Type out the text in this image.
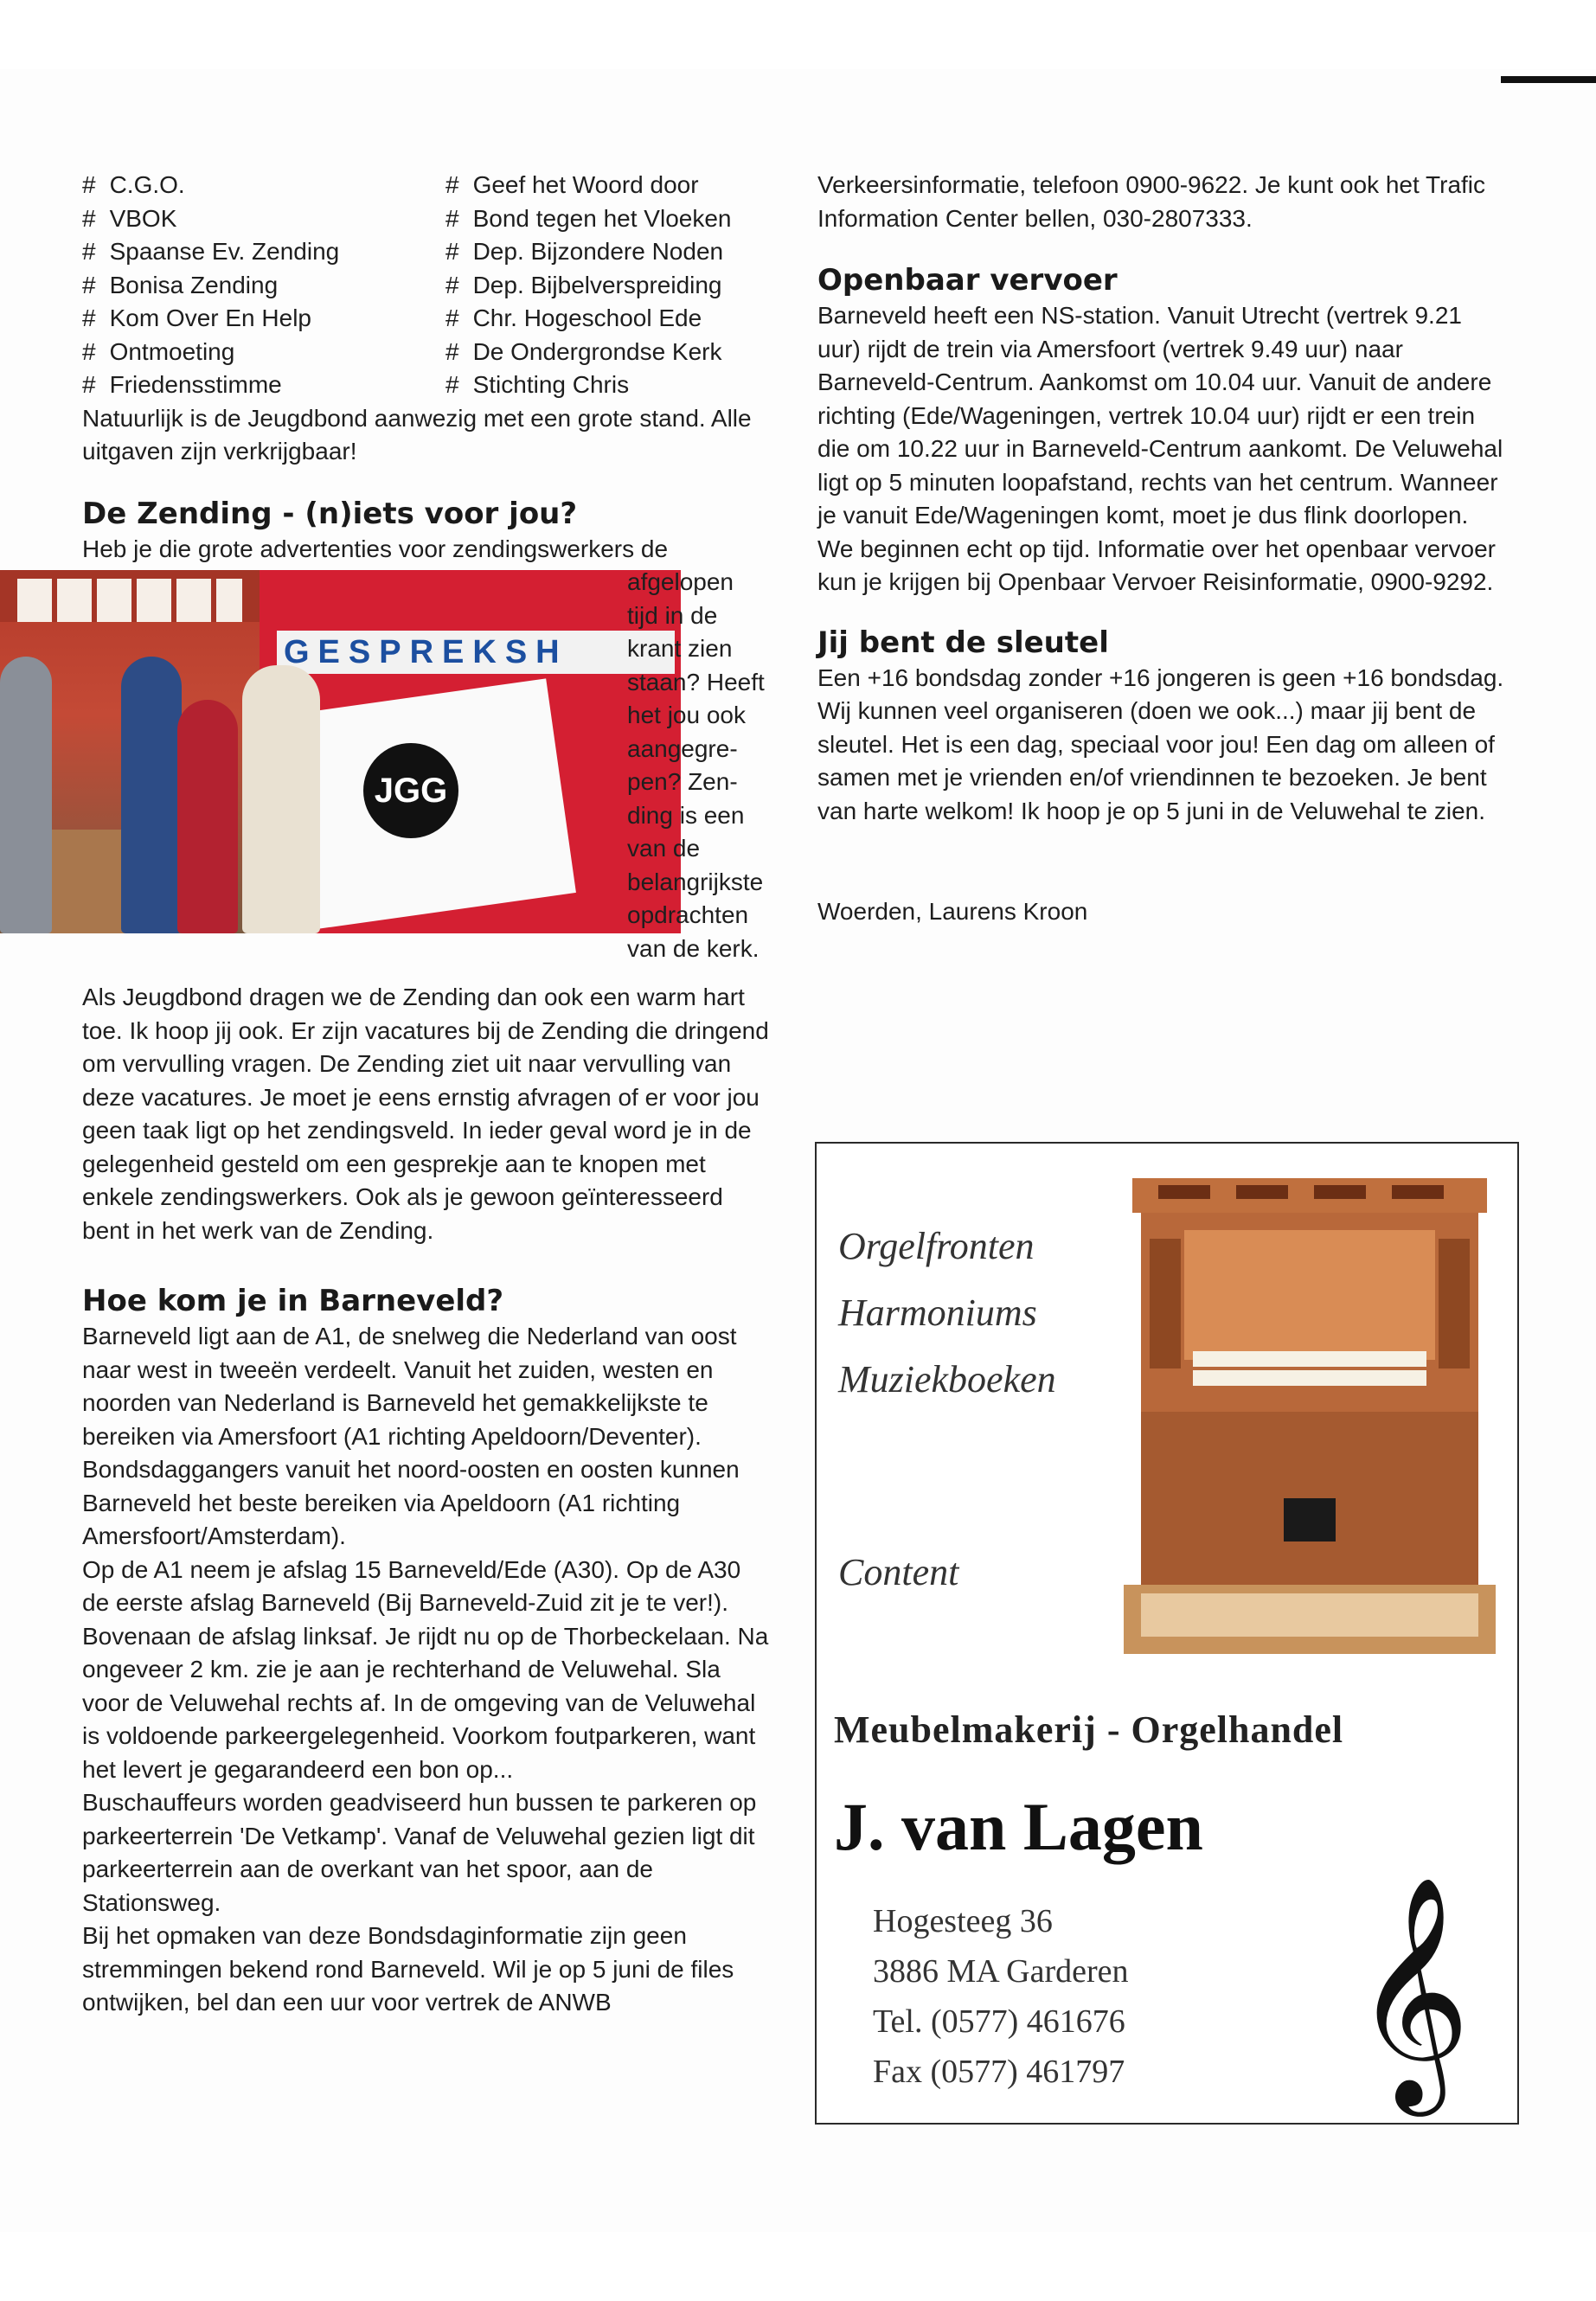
# C.G.O.
# VBOK
# Spaanse Ev. Zending
# Bonisa Zending
# Kom Over En Help
# Ontmoeting
# Friedensstimme
# Geef het Woord door
# Bond tegen het Vloeken
# Dep. Bijzondere Noden
# Dep. Bijbelverspreiding
# Chr. Hogeschool Ede
# De Ondergrondse Kerk
# Stichting Chris

Natuurlijk is de Jeugdbond aanwezig met een grote stand. Alle uitgaven zijn verkrijgbaar!

De Zending - (n)iets voor jou?

Heb je die grote advertenties voor zendingswerkers de

GESPREKSH
JGG

afgelopen

tijd in de

krant zien

staan? Heeft

het jou ook

aangegre-

pen? Zen-

ding is een

van de

belangrijkste

opdrachten

van de kerk.

Als Jeugdbond dragen we de Zending dan ook een warm hart toe. Ik hoop jij ook. Er zijn vacatures bij de Zending die dringend om vervulling vragen. De Zending ziet uit naar vervulling van deze vacatures. Je moet je eens ernstig afvragen of er voor jou geen taak ligt op het zendingsveld. In ieder geval word je in de gelegenheid gesteld om een gesprekje aan te knopen met enkele zendingswerkers. Ook als je gewoon geïnteresseerd bent in het werk van de Zending.

Hoe kom je in Barneveld?

Barneveld ligt aan de A1, de snelweg die Nederland van oost naar west in tweeën verdeelt. Vanuit het zuiden, westen en noorden van Nederland is Barneveld het gemakkelijkste te bereiken via Amersfoort (A1 richting Apeldoorn/Deventer). Bondsdaggangers vanuit het noord-oosten en oosten kunnen Barneveld het beste bereiken via Apeldoorn (A1 richting Amersfoort/Amsterdam).

Op de A1 neem je afslag 15 Barneveld/Ede (A30). Op de A30 de eerste afslag Barneveld (Bij Barneveld-Zuid zit je te ver!). Bovenaan de afslag linksaf. Je rijdt nu op de Thorbeckelaan. Na ongeveer 2 km. zie je aan je rechterhand de Veluwehal. Sla voor de Veluwehal rechts af. In de omgeving van de Veluwehal is voldoende parkeergelegenheid. Voorkom foutparkeren, want het levert je gegarandeerd een bon op...

Buschauffeurs worden geadviseerd hun bussen te parkeren op parkeerterrein 'De Vetkamp'. Vanaf de Veluwehal gezien ligt dit parkeerterrein aan de overkant van het spoor, aan de Stationsweg.

Bij het opmaken van deze Bondsdaginformatie zijn geen stremmingen bekend rond Barneveld. Wil je op 5 juni de files ontwijken, bel dan een uur voor vertrek de ANWB

Verkeersinformatie, telefoon 0900-9622. Je kunt ook het Trafic Information Center bellen, 030-2807333.

Openbaar vervoer

Barneveld heeft een NS-station. Vanuit Utrecht (vertrek 9.21 uur) rijdt de trein via Amersfoort (vertrek 9.49 uur) naar Barneveld-Centrum. Aankomst om 10.04 uur. Vanuit de andere richting (Ede/Wageningen, vertrek 10.04 uur) rijdt er een trein die om 10.22 uur in Barneveld-Centrum aankomt. De Veluwehal ligt op 5 minuten loopafstand, rechts van het centrum. Wanneer je vanuit Ede/Wageningen komt, moet je dus flink doorlopen. We beginnen echt op tijd. Informatie over het openbaar vervoer kun je krijgen bij Openbaar Vervoer Reisinformatie, 0900-9292.

Jij bent de sleutel

Een +16 bondsdag zonder +16 jongeren is geen +16 bondsdag. Wij kunnen veel organiseren (doen we ook...) maar jij bent de sleutel. Het is een dag, speciaal voor jou! Een dag om alleen of samen met je vrienden en/of vriendinnen te bezoeken. Je bent van harte welkom! Ik hoop je op 5 juni in de Veluwehal te zien.

Woerden, Laurens Kroon

Orgelfronten
Harmoniums
Muziekboeken
Content
Meubelmakerij - Orgelhandel
J. van Lagen
Hogesteeg 36
3886 MA Garderen
Tel. (0577) 461676
Fax (0577) 461797 𝄞
